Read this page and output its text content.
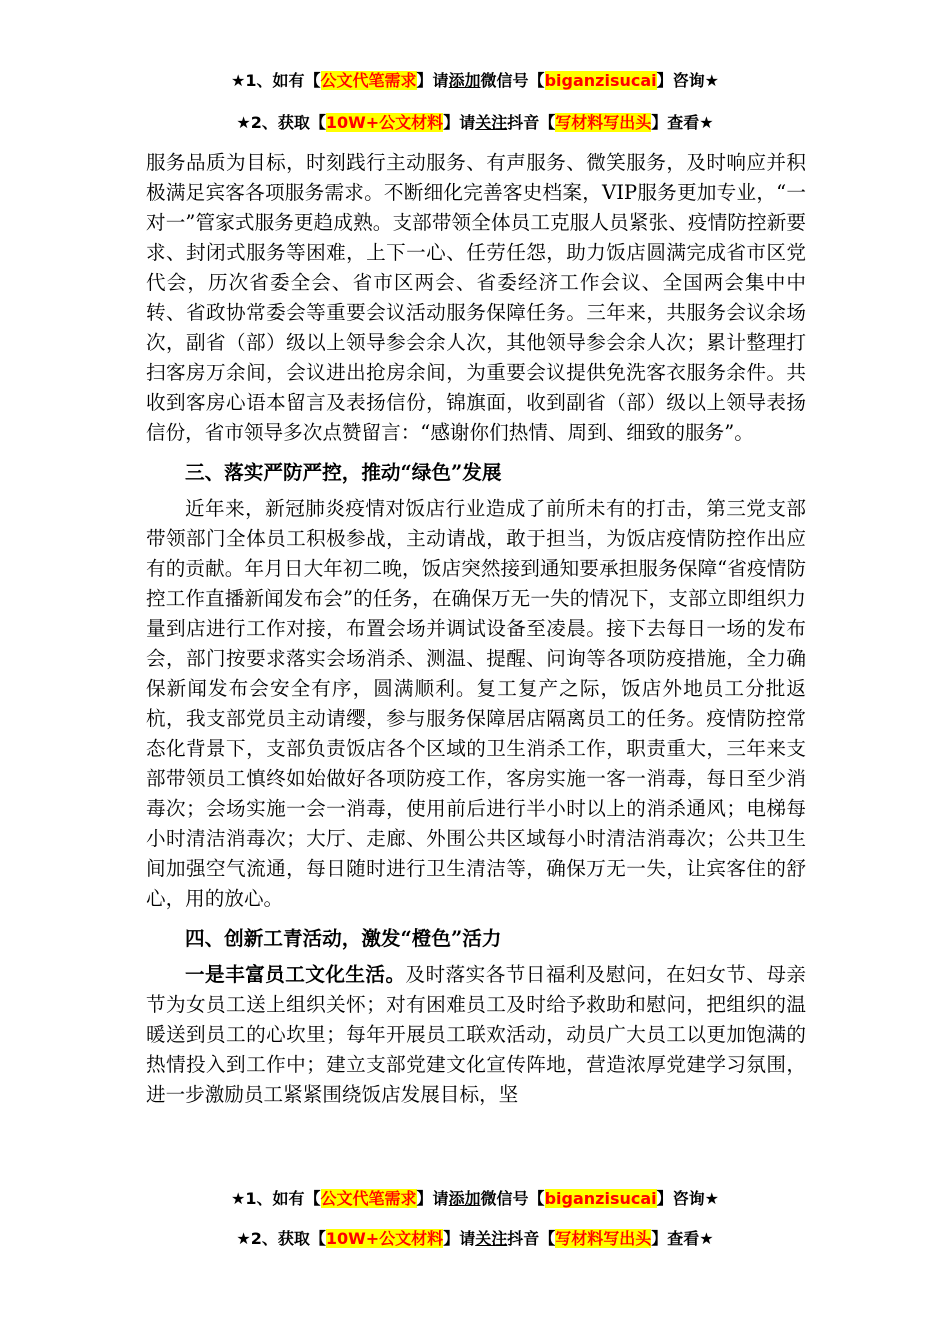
★1、如有【公文代笔需求】请添加微信号【biganzisucai】咨询★
★2、获取【10W+公文材料】请关注抖音【写材料写出头】查看★

服务品质为目标，时刻践行主动服务、有声服务、微笑服务，及时响应并积极满足宾客各项服务需求。不断细化完善客史档案，VIP服务更加专业，“一对一”管家式服务更趋成熟。支部带领全体员工克服人员紧张、疫情防控新要求、封闭式服务等困难，上下一心、任劳任怨，助力饭店圆满完成省市区党代会，历次省委全会、省市区两会、省委经济工作会议、全国两会集中中转、省政协常委会等重要会议活动服务保障任务。三年来，共服务会议余场次，副省（部）级以上领导参会余人次，其他领导参会余人次；累计整理打扫客房万余间，会议进出抢房余间，为重要会议提供免洗客衣服务余件。共收到客房心语本留言及表扬信份，锦旗面，收到副省（部）级以上领导表扬信份，省市领导多次点赞留言：“感谢你们热情、周到、细致的服务”。

三、落实严防严控，推动“绿色”发展

近年来，新冠肺炎疫情对饭店行业造成了前所未有的打击，第三党支部带领部门全体员工积极参战，主动请战，敢于担当，为饭店疫情防控作出应有的贡献。年月日大年初二晚，饭店突然接到通知要承担服务保障“省疫情防控工作直播新闻发布会”的任务，在确保万无一失的情况下，支部立即组织力量到店进行工作对接，布置会场并调试设备至凌晨。接下去每日一场的发布会，部门按要求落实会场消杀、测温、提醒、问询等各项防疫措施，全力确保新闻发布会安全有序，圆满顺利。复工复产之际，饭店外地员工分批返杭，我支部党员主动请缨，参与服务保障居店隔离员工的任务。疫情防控常态化背景下，支部负责饭店各个区域的卫生消杀工作，职责重大，三年来支部带领员工慎终如始做好各项防疫工作，客房实施一客一消毒，每日至少消毒次；会场实施一会一消毒，使用前后进行半小时以上的消杀通风；电梯每小时清洁消毒次；大厅、走廊、外围公共区域每小时清洁消毒次；公共卫生间加强空气流通，每日随时进行卫生清洁等，确保万无一失，让宾客住的舒心，用的放心。

四、创新工青活动，激发“橙色”活力

一是丰富员工文化生活。及时落实各节日福利及慰问，在妇女节、母亲节为女员工送上组织关怀；对有困难员工及时给予救助和慰问，把组织的温暖送到员工的心坎里；每年开展员工联欢活动，动员广大员工以更加饱满的热情投入到工作中；建立支部党建文化宣传阵地，营造浓厚党建学习氛围，进一步激励员工紧紧围绕饭店发展目标，坚

★1、如有【公文代笔需求】请添加微信号【biganzisucai】咨询★
★2、获取【10W+公文材料】请关注抖音【写材料写出头】查看★
